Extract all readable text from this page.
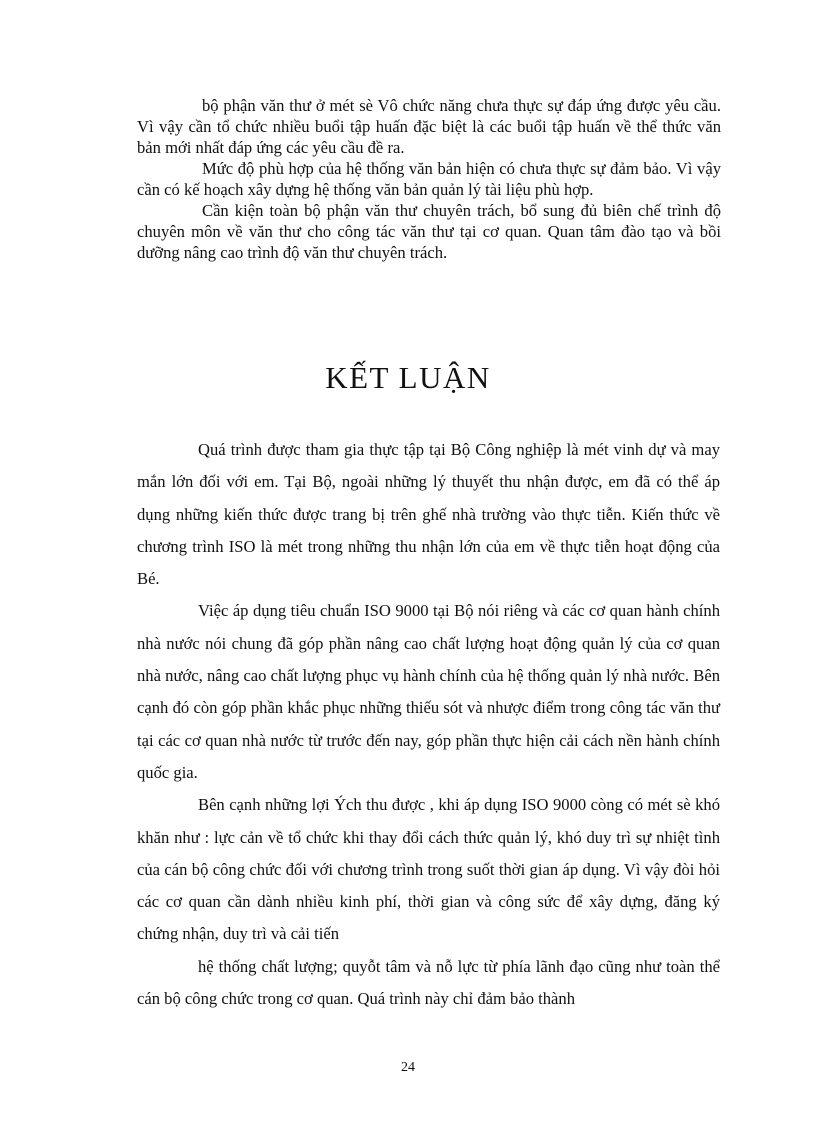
bộ phận văn thư ở mét sè Vô chức năng chưa thực sự đáp ứng được yêu cầu. Vì vậy cần tổ chức nhiều buổi tập huấn đặc biệt là các buổi tập huấn về thể thức văn bản mới nhất đáp ứng các yêu cầu đề ra.

Mức độ phù hợp của hệ thống văn bản hiện có chưa thực sự đảm bảo. Vì vậy cần có kế hoạch xây dựng hệ thống văn bản quản lý tài liệu phù hợp.

Cần kiện toàn bộ phận văn thư chuyên trách, bổ sung đủ biên chế trình độ chuyên môn về văn thư cho công tác văn thư tại cơ quan. Quan tâm đào tạo và bồi dưỡng nâng cao trình độ văn thư chuyên trách.

KẾT LUẬN

Quá trình được tham gia thực tập tại Bộ Công nghiệp là mét vinh dự và may mắn lớn đối với em. Tại Bộ, ngoài những lý thuyết thu nhận được, em đã có thể áp dụng những kiến thức được trang bị trên ghế nhà trường vào thực tiễn. Kiến thức về chương trình ISO là mét trong những thu nhận lớn của em về thực tiễn hoạt động của Bé.

Việc áp dụng tiêu chuẩn ISO 9000 tại Bộ nói riêng và các cơ quan hành chính nhà nước nói chung đã góp phần nâng cao chất lượng hoạt động quản lý của cơ quan nhà nước, nâng cao chất lượng phục vụ hành chính của hệ thống quản lý nhà nước. Bên cạnh đó còn góp phần khắc phục những thiếu sót và nhược điểm trong công tác văn thư tại các cơ quan nhà nước từ trước đến nay, góp phần thực hiện cải cách nền hành chính quốc gia.

Bên cạnh những lợi Ých thu được , khi áp dụng ISO 9000 còng có mét sè khó khăn như : lực cản về tổ chức khi thay đổi cách thức quản lý, khó duy trì sự nhiệt tình của cán bộ công chức đối với chương trình trong suốt thời gian áp dụng. Vì vậy đòi hỏi các cơ quan cần dành nhiều kinh phí, thời gian và công sức để xây dựng, đăng ký chứng nhận, duy trì và cải tiến

hệ thống chất lượng; quyỗt tâm và nỗ lực từ phía lãnh đạo cũng như toàn thể cán bộ công chức trong cơ quan. Quá trình này chỉ đảm bảo thành

24
